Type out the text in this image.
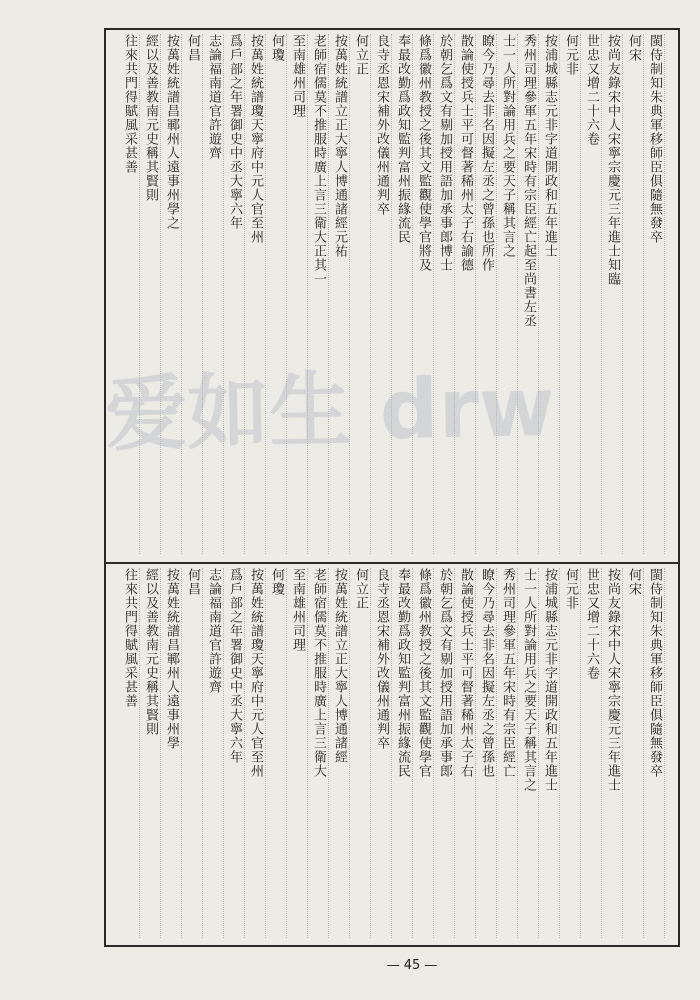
閩侍制知朱典軍移師臣俱隨無發卒
何宋
按尚友錄宋中人宋寧宗慶元三年進士知臨
世忠又增二十六卷
何元非
按浦城縣志元非字道開政和五年進士
秀州司理參軍五年宋時有宗臣經亡起至尚書左丞
士一人所對論用兵之要天子稱其言之
瞭今乃尋去非名因擬左丞之曾孫也所作
散論使授兵士平可督著稀州太子右諭德
於朝乞爲文有剔加授用語加承事郎博士
條爲徽州教授之後其文監觀使學官將及
奉最改勤爲政知監判富州振緣流民
良寺丞恩宋補外改儀州通判卒
何立正
按萬姓統譜立正大寧人博通諸經元祐
老師宿儒莫不推服時廣上言三衛大正其一
至南雄州司理
何瓊
按萬姓統譜瓊天寧府中元人官至州
爲戶部之年署御史中丞大寧六年
志論福南道官許遊齊
何昌
按萬姓統譜昌鄆州人遠事州學之
經以及善教南元史稱其賢則
往來共門得賦風采甚善
閩侍制知朱典軍移師臣俱隨無發卒
何宋
按尚友錄宋中人宋寧宗慶元三年進士
世忠又增二十六卷
何元非
按浦城縣志元非字道開政和五年進士
士一人所對論用兵之要天子稱其言之
秀州司理參軍五年宋時有宗臣經亡
瞭今乃尋去非名因擬左丞之曾孫也
散論使授兵士平可督著稀州太子右
於朝乞爲文有剔加授用語加承事郎
條爲徽州教授之後其文監觀使學官
奉最改勤爲政知監判富州振緣流民
良寺丞恩宋補外改儀州通判卒
何立正
按萬姓統譜立正大寧人博通諸經
老師宿儒莫不推服時廣上言三衛大
至南雄州司理
何瓊
按萬姓統譜瓊天寧府中元人官至州
爲戶部之年署御史中丞大寧六年
志論福南道官許遊齊
何昌
按萬姓統譜昌鄆州人遠事州學
經以及善教南元史稱其賢則
往來共門得賦風采甚善
爱如生 drw
— 45 —
